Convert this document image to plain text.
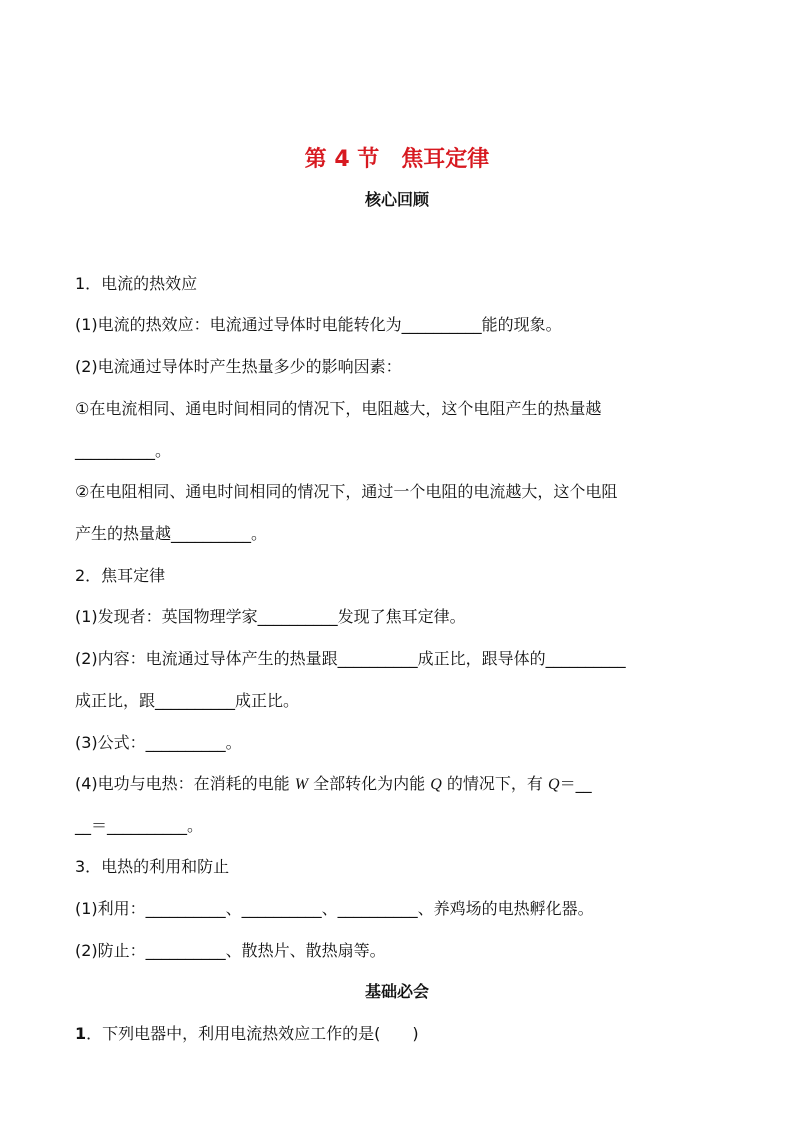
第 4 节　焦耳定律
核心回顾
1．电流的热效应
(1)电流的热效应：电流通过导体时电能转化为__________能的现象。
(2)电流通过导体时产生热量多少的影响因素：
①在电流相同、通电时间相同的情况下，电阻越大，这个电阻产生的热量越
__________。
②在电阻相同、通电时间相同的情况下，通过一个电阻的电流越大，这个电阻
产生的热量越__________。
2．焦耳定律
(1)发现者：英国物理学家__________发现了焦耳定律。
(2)内容：电流通过导体产生的热量跟__________成正比，跟导体的__________
成正比，跟__________成正比。
(3)公式：__________。
(4)电功与电热：在消耗的电能 W 全部转化为内能 Q 的情况下，有 Q＝__
__＝__________。
3．电热的利用和防止
(1)利用：__________、__________、__________、养鸡场的电热孵化器。
(2)防止：__________、散热片、散热扇等。
基础必会
1．下列电器中，利用电流热效应工作的是(　　)
